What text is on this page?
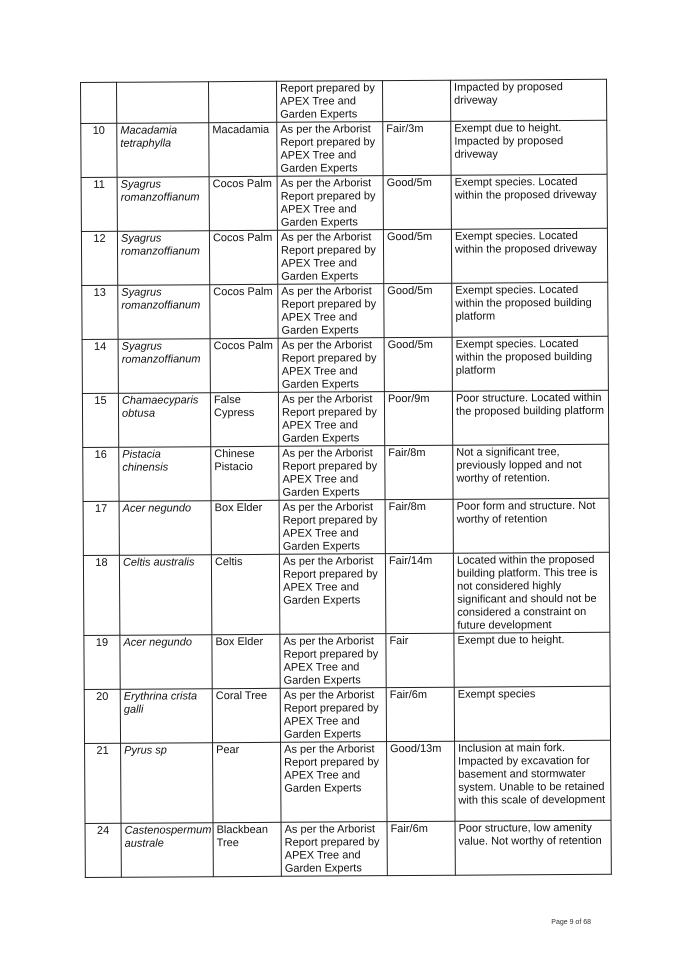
			Report prepared by APEX Tree and Garden Experts		Impacted by proposed driveway
10	Macadamia tetraphylla	Macadamia	As per the Arborist Report prepared by APEX Tree and Garden Experts	Fair/3m	Exempt due to height. Impacted by proposed driveway
11	Syagrus romanzoffianum	Cocos Palm	As per the Arborist Report prepared by APEX Tree and Garden Experts	Good/5m	Exempt species. Located within the proposed driveway
12	Syagrus romanzoffianum	Cocos Palm	As per the Arborist Report prepared by APEX Tree and Garden Experts	Good/5m	Exempt species. Located within the proposed driveway
13	Syagrus romanzoffianum	Cocos Palm	As per the Arborist Report prepared by APEX Tree and Garden Experts	Good/5m	Exempt species. Located within the proposed building platform
14	Syagrus romanzoffianum	Cocos Palm	As per the Arborist Report prepared by APEX Tree and Garden Experts	Good/5m	Exempt species. Located within the proposed building platform
15	Chamaecyparis obtusa	False Cypress	As per the Arborist Report prepared by APEX Tree and Garden Experts	Poor/9m	Poor structure. Located within the proposed building platform
16	Pistacia chinensis	Chinese Pistacio	As per the Arborist Report prepared by APEX Tree and Garden Experts	Fair/8m	Not a significant tree, previously lopped and not worthy of retention.
17	Acer negundo	Box Elder	As per the Arborist Report prepared by APEX Tree and Garden Experts	Fair/8m	Poor form and structure. Not worthy of retention
18	Celtis australis	Celtis	As per the Arborist Report prepared by APEX Tree and Garden Experts	Fair/14m	Located within the proposed building platform. This tree is not considered highly significant and should not be considered a constraint on future development
19	Acer negundo	Box Elder	As per the Arborist Report prepared by APEX Tree and Garden Experts	Fair	Exempt due to height.
20	Erythrina crista galli	Coral Tree	As per the Arborist Report prepared by APEX Tree and Garden Experts	Fair/6m	Exempt species
21	Pyrus sp	Pear	As per the Arborist Report prepared by APEX Tree and Garden Experts	Good/13m	Inclusion at main fork. Impacted by excavation for basement and stormwater system. Unable to be retained with this scale of development
24	Castenospermum australe	Blackbean Tree	As per the Arborist Report prepared by APEX Tree and Garden Experts	Fair/6m	Poor structure, low amenity value. Not worthy of retention
Page 9 of 68
